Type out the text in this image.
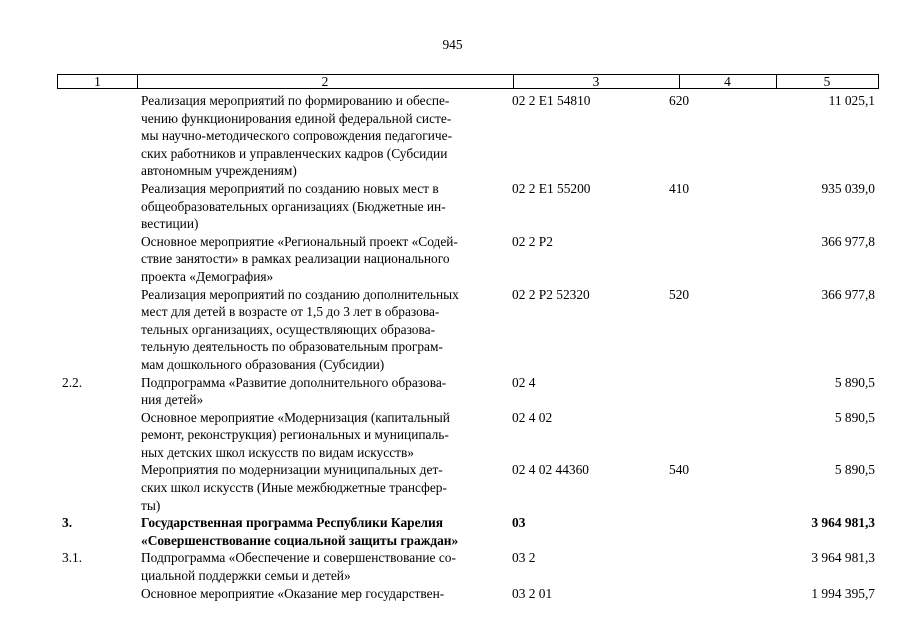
945
1	2	3	4	5
Реализация мероприятий по формированию и обеспе-
чению функционирования единой федеральной систе-
мы научно-методического сопровождения педагогиче-
ских работников и управленческих кадров (Субсидии
автономным учреждениям)
02 2 E1 54810	620	11 025,1
Реализация мероприятий по созданию новых мест в
общеобразовательных организациях (Бюджетные ин-
вестиции)
02 2 E1 55200	410	935 039,0
Основное мероприятие «Региональный проект «Содей-
ствие занятости» в рамках реализации национального
проекта «Демография»
02 2 P2	366 977,8
Реализация мероприятий по созданию дополнительных
мест для детей в возрасте от 1,5 до 3 лет в образова-
тельных организациях, осуществляющих образова-
тельную деятельность по образовательным програм-
мам дошкольного образования (Субсидии)
02 2 P2 52320	520	366 977,8
2.2.	Подпрограмма «Развитие дополнительного образова-
ния детей»
02 4	5 890,5
Основное мероприятие «Модернизация (капитальный
ремонт, реконструкция) региональных и муниципаль-
ных детских школ искусств по видам искусств»
02 4 02	5 890,5
Мероприятия по модернизации муниципальных дет-
ских школ искусств (Иные межбюджетные трансфер-
ты)
02 4 02 44360	540	5 890,5
3.	Государственная программа Республики Карелия
«Совершенствование социальной защиты граждан»
03	3 964 981,3
3.1.	Подпрограмма «Обеспечение и совершенствование со-
циальной поддержки семьи и детей»
03 2	3 964 981,3
Основное мероприятие «Оказание мер государствен-	03 2 01	1 994 395,7
